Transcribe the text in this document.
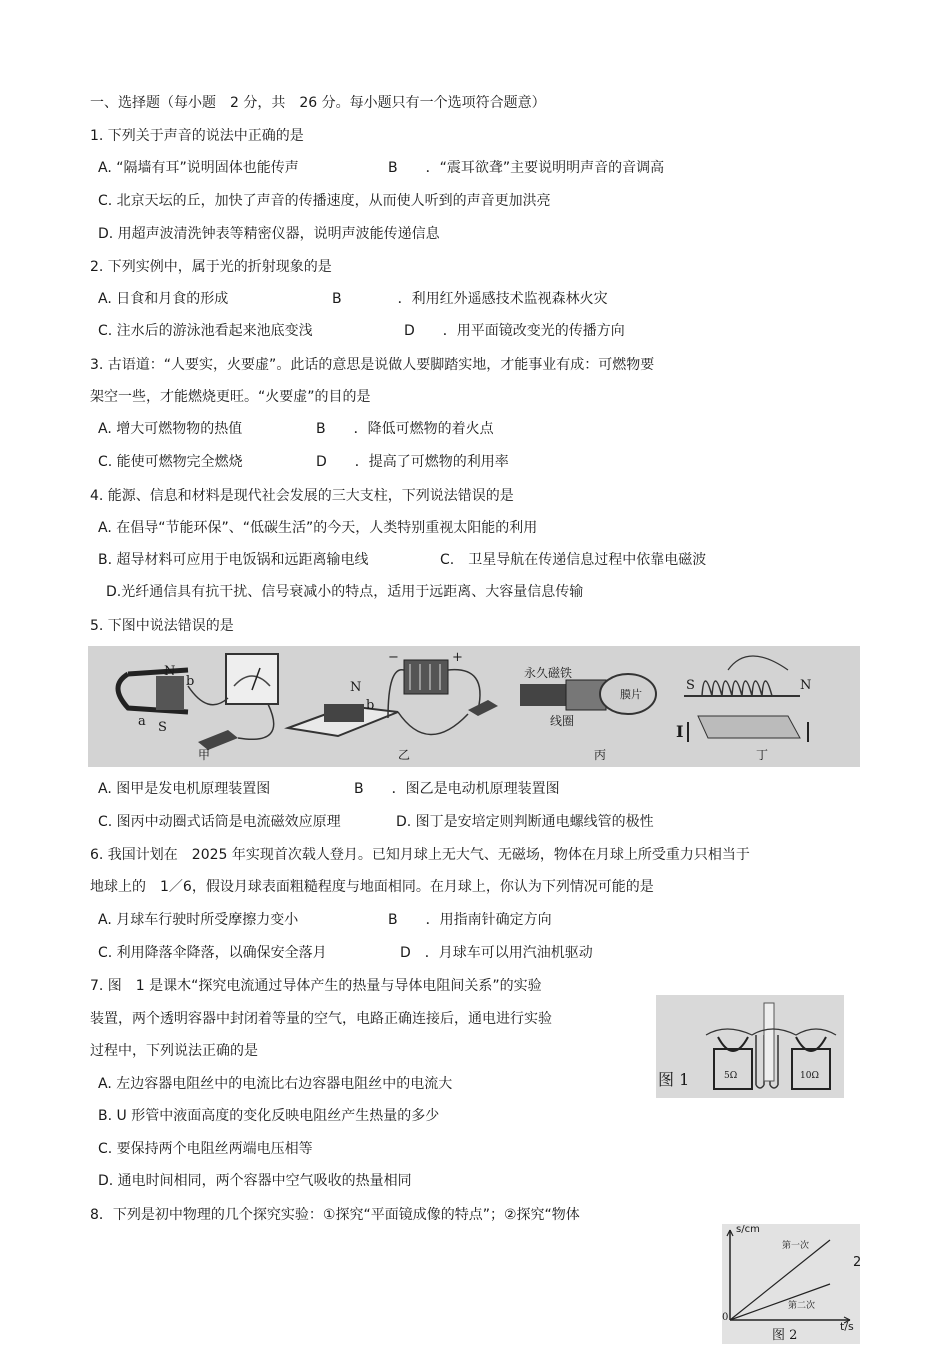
一、选择题（每小题　2 分，共　26 分。每小题只有一个选项符合题意）
1. 下列关于声音的说法中正确的是
A. “隔墙有耳”说明固体也能传声	B　　．“震耳欲聋”主要说明明声音的音调高
C. 北京天坛的丘，加快了声音的传播速度，从而使人听到的声音更加洪亮
D. 用超声波清洗钟表等精密仪器，说明声波能传递信息
2. 下列实例中，属于光的折射现象的是
A. 日食和月食的形成	B　　　　．利用红外遥感技术监视森林火灾
C. 注水后的游泳池看起来池底变浅	D　　．用平面镜改变光的传播方向
3. 古语道：“人要实，火要虚”。此话的意思是说做人要脚踏实地，才能事业有成：可燃物要
架空一些，才能燃烧更旺。“火要虚”的目的是
A. 增大可燃物物的热值	B　　．降低可燃物的着火点
C. 能使可燃物完全燃烧	D　　．提高了可燃物的利用率
4. 能源、信息和材料是现代社会发展的三大支柱，下列说法错误的是
A. 在倡导“节能环保”、“低碳生活”的今天，人类特别重视太阳能的利用
B. 超导材料可应用于电饭锅和远距离输电线	C.　卫星导航在传递信息过程中依靠电磁波
D.光纤通信具有抗干扰、信号衰减小的特点，适用于远距离、大容量信息传输
5. 下图中说法错误的是
N
b
a S
N
b
−	+
永久磁铁
线圈
膜片
S	N
I
甲	乙	丙	丁
A. 图甲是发电机原理装置图	B　　．图乙是电动机原理装置图
C. 图丙中动圈式话筒是电流磁效应原理	D. 图丁是安培定则判断通电螺线管的极性
6. 我国计划在　2025 年实现首次载人登月。已知月球上无大气、无磁场，物体在月球上所受重力只相当于
地球上的　1／6，假设月球表面粗糙程度与地面相同。在月球上，你认为下列情况可能的是
A. 月球车行驶时所受摩擦力变小	B　　．用指南针确定方向
C. 利用降落伞降落，以确保安全落月	D　．月球车可以用汽油机驱动
7. 图　1 是课木“探究电流通过导体产生的热量与导体电阻间关系”的实验
装置，两个透明容器中封闭着等量的空气，电路正确连接后，通电进行实验
过程中，下列说法正确的是
A. 左边容器电阻丝中的电流比右边容器电阻丝中的电流大
B. U 形管中液面高度的变化反映电阻丝产生热量的多少
C. 要保持两个电阻丝两端电压相等
D. 通电时间相同，两个容器中空气吸收的热量相同
图 1	5Ω	10Ω
8．下列是初中物理的几个探究实验：①探究“平面镜成像的特点”；②探究“物体
s/cm
第一次
第二次
0
图 2
t/s
2
